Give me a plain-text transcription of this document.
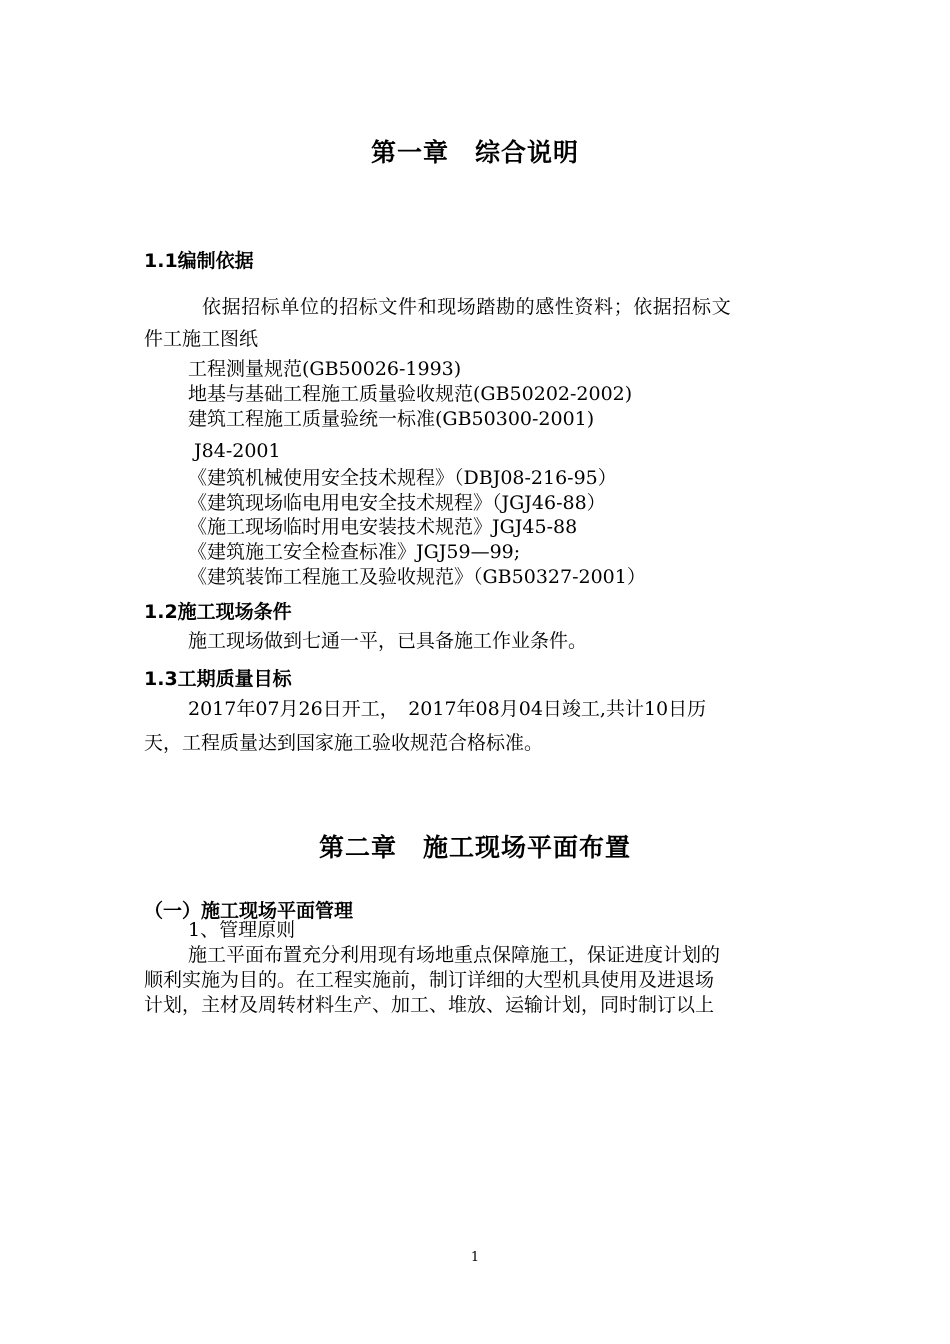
第一章　综合说明
1.1编制依据

依据招标单位的招标文件和现场踏勘的感性资料；依据招标文

件工施工图纸

工程测量规范(GB50026-1993)

地基与基础工程施工质量验收规范(GB50202-2002)

建筑工程施工质量验统一标准(GB50300-2001)

J84-2001

《建筑机械使用安全技术规程》（DBJ08-216-95）

《建筑现场临电用电安全技术规程》（JGJ46-88）

《施工现场临时用电安装技术规范》JGJ45-88

《建筑施工安全检查标准》JGJ59—99;

《建筑装饰工程施工及验收规范》（GB50327-2001）

1.2施工现场条件

施工现场做到七通一平，已具备施工作业条件。

1.3工期质量目标

2017年07月26日开工，　2017年08月04日竣工,共计10日历

天，工程质量达到国家施工验收规范合格标准。

第二章　施工现场平面布置
（一）施工现场平面管理

1、管理原则

施工平面布置充分利用现有场地重点保障施工，保证进度计划的

顺利实施为目的。在工程实施前，制订详细的大型机具使用及进退场

计划，主材及周转材料生产、加工、堆放、运输计划，同时制订以上

1
